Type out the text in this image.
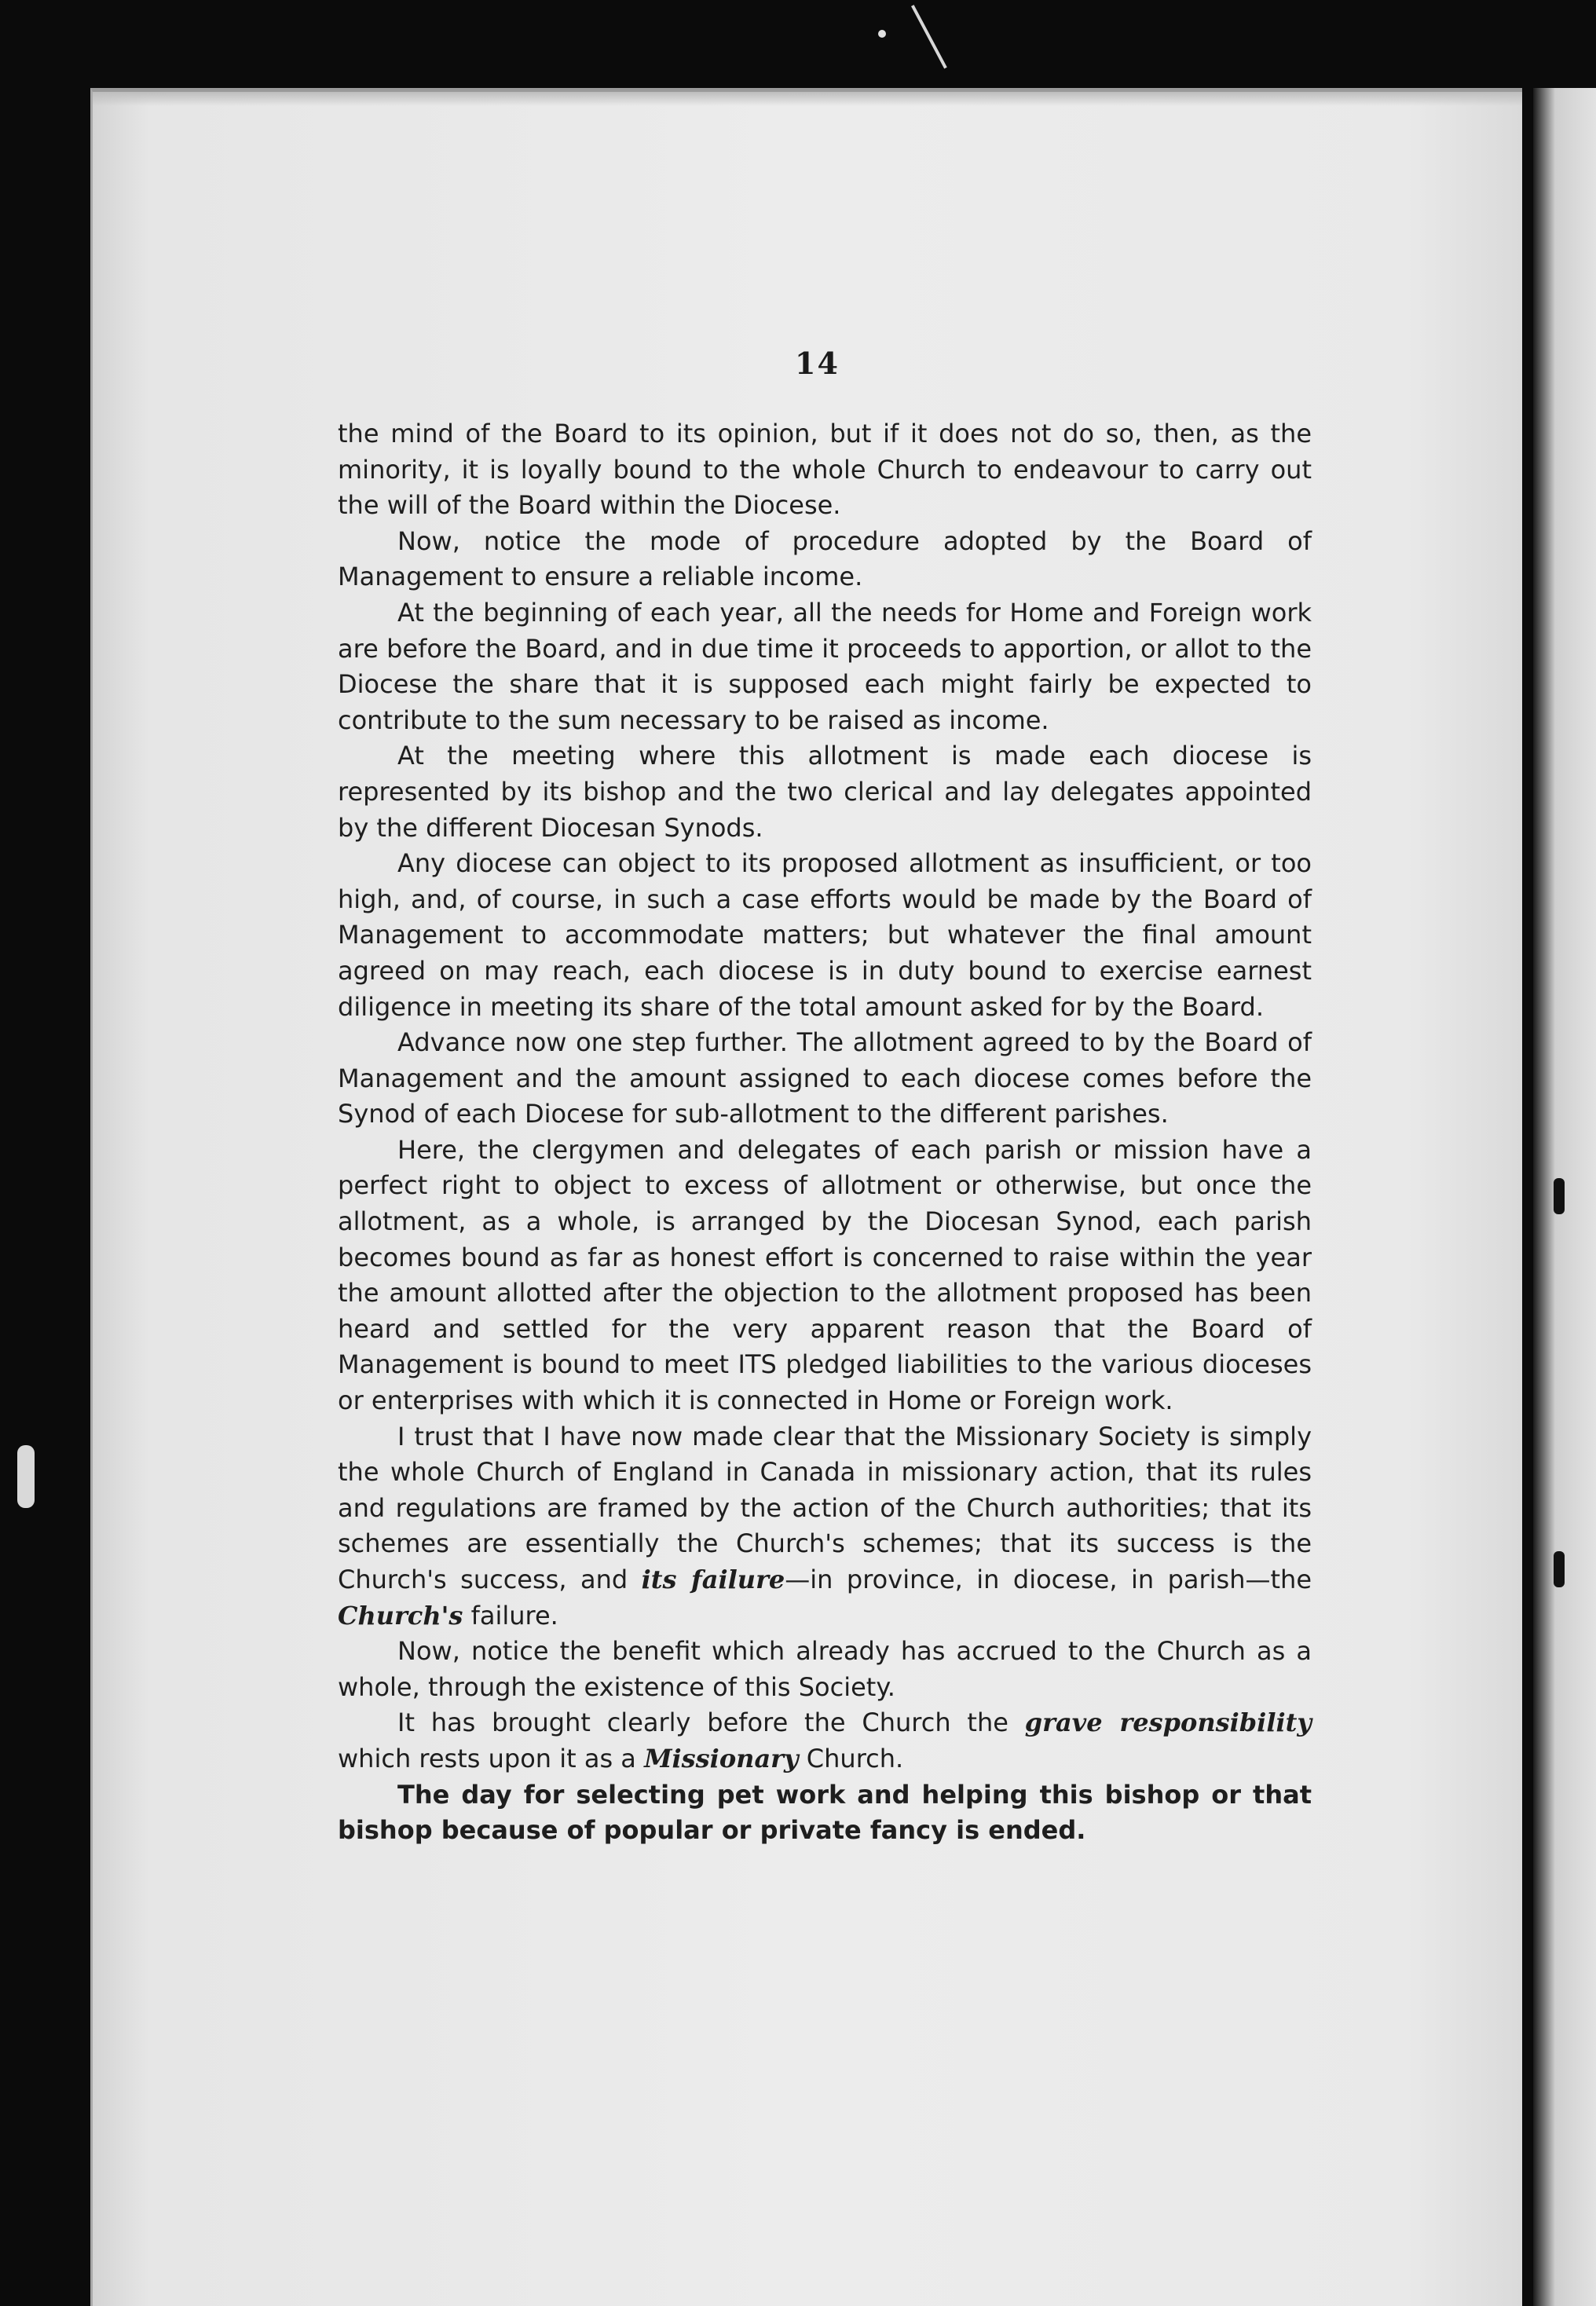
14

the mind of the Board to its opinion, but if it does not do so, then, as the minority, it is loyally bound to the whole Church to endeavour to carry out the will of the Board within the Diocese.

Now, notice the mode of procedure adopted by the Board of Management to ensure a reliable income.

At the beginning of each year, all the needs for Home and Foreign work are before the Board, and in due time it proceeds to apportion, or allot to the Diocese the share that it is supposed each might fairly be expected to contribute to the sum necessary to be raised as income.

At the meeting where this allotment is made each diocese is represented by its bishop and the two clerical and lay delegates appointed by the different Diocesan Synods.

Any diocese can object to its proposed allotment as insufficient, or too high, and, of course, in such a case efforts would be made by the Board of Management to accommodate matters; but whatever the final amount agreed on may reach, each diocese is in duty bound to exercise earnest diligence in meeting its share of the total amount asked for by the Board.

Advance now one step further. The allotment agreed to by the Board of Management and the amount assigned to each diocese comes before the Synod of each Diocese for sub-allotment to the different parishes.

Here, the clergymen and delegates of each parish or mission have a perfect right to object to excess of allotment or otherwise, but once the allotment, as a whole, is arranged by the Diocesan Synod, each parish becomes bound as far as honest effort is concerned to raise within the year the amount allotted after the objection to the allotment proposed has been heard and settled for the very apparent reason that the Board of Management is bound to meet ITS pledged liabilities to the various dioceses or enterprises with which it is connected in Home or Foreign work.

I trust that I have now made clear that the Missionary Society is simply the whole Church of England in Canada in missionary action, that its rules and regulations are framed by the action of the Church authorities; that its schemes are essentially the Church's schemes; that its success is the Church's success, and its failure—in province, in diocese, in parish—the Church's failure.

Now, notice the benefit which already has accrued to the Church as a whole, through the existence of this Society.

It has brought clearly before the Church the grave responsibility which rests upon it as a Missionary Church.

The day for selecting pet work and helping this bishop or that bishop because of popular or private fancy is ended.
